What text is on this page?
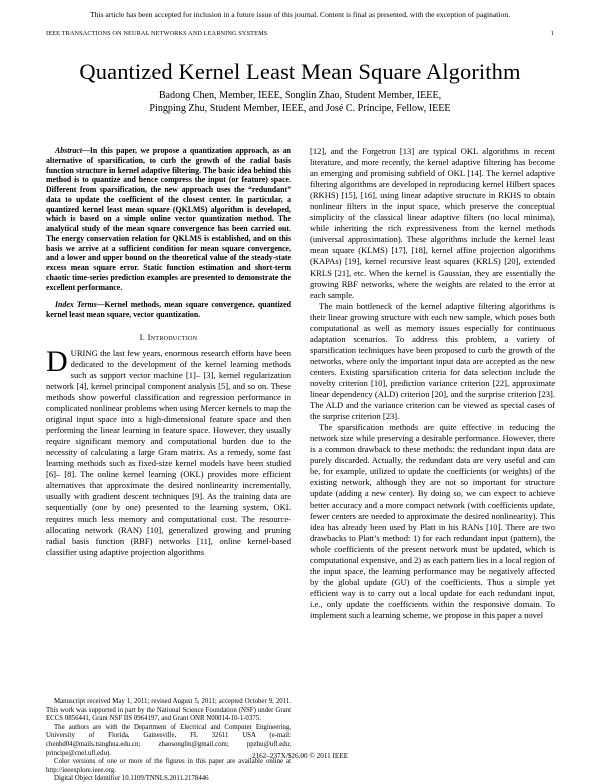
This article has been accepted for inclusion in a future issue of this journal. Content is final as presented, with the exception of pagination.
IEEE TRANSACTIONS ON NEURAL NETWORKS AND LEARNING SYSTEMS	1
Quantized Kernel Least Mean Square Algorithm
Badong Chen, Member, IEEE, Songlin Zhao, Student Member, IEEE,
Pingping Zhu, Student Member, IEEE, and José C. Príncipe, Fellow, IEEE

Abstract—In this paper, we propose a quantization approach, as an alternative of sparsification, to curb the growth of the radial basis function structure in kernel adaptive filtering. The basic idea behind this method is to quantize and hence compress the input (or feature) space. Different from sparsification, the new approach uses the “redundant” data to update the coefficient of the closest center. In particular, a quantized kernel least mean square (QKLMS) algorithm is developed, which is based on a simple online vector quantization method. The analytical study of the mean square convergence has been carried out. The energy conservation relation for QKLMS is established, and on this basis we arrive at a sufficient condition for mean square convergence, and a lower and upper bound on the theoretical value of the steady-state excess mean square error. Static function estimation and short-term chaotic time-series prediction examples are presented to demonstrate the excellent performance.

Index Terms—Kernel methods, mean square convergence, quantized kernel least mean square, vector quantization.

I. Introduction

DURING the last few years, enormous research efforts have been dedicated to the development of the kernel learning methods such as support vector machine [1]– [3], kernel regularization network [4], kernel principal component analysis [5], and so on. These methods show powerful classification and regression performance in complicated nonlinear problems when using Mercer kernels to map the original input space into a high-dimensional feature space and then performing the linear learning in feature space. However, they usually require significant memory and computational burden due to the necessity of calculating a large Gram matrix. As a remedy, some fast learning methods such as fixed-size kernel models have been studied [6]– [8]. The online kernel learning (OKL) provides more efficient alternatives that approximate the desired nonlinearity incrementally, usually with gradient descent techniques [9]. As the training data are sequentially (one by one) presented to the learning system, OKL requires much less memory and computational cost. The resource-allocating network (RAN) [10], generalized growing and pruning radial basis function (RBF) networks [11], online kernel-based classifier using adaptive projection algorithms

Manuscript received May 1, 2011; revised August 5, 2011; accepted October 9, 2011. This work was supported in part by the National Science Foundation (NSF) under Grant ECCS 0856441, Grant NSF IIS 0964197, and Grant ONR N00014-10-1-0375.

The authors are with the Department of Electrical and Computer Engineering, University of Florida, Gainesville, FL 32611 USA (e-mail: chenbd04@mails.tsinghua.edu.cn; zhaosonglin@gmail.com; ppzhu@ufl.edu; principe@cnel.ufl.edu).

Color versions of one or more of the figures in this paper are available online at http://ieeexplore.ieee.org.

Digital Object Identifier 10.1109/TNNLS.2011.2178446

[12], and the Forgetron [13] are typical OKL algorithms in recent literature, and more recently, the kernel adaptive filtering has become an emerging and promising subfield of OKL [14]. The kernel adaptive filtering algorithms are developed in reproducing kernel Hilbert spaces (RKHS) [15], [16], using linear adaptive structure in RKHS to obtain nonlinear filters in the input space, which preserve the conceptual simplicity of the classical linear adaptive filters (no local minima), while inheriting the rich expressiveness from the kernel methods (universal approximation). These algorithms include the kernel least mean square (KLMS) [17], [18], kernel affine projection algorithms (KAPAs) [19], kernel recursive least squares (KRLS) [20], extended KRLS [21], etc. When the kernel is Gaussian, they are essentially the growing RBF networks, where the weights are related to the error at each sample.

The main bottleneck of the kernel adaptive filtering algorithms is their linear growing structure with each new sample, which poses both computational as well as memory issues especially for continuous adaptation scenarios. To address this problem, a variety of sparsification techniques have been proposed to curb the growth of the networks, where only the important input data are accepted as the new centers. Existing sparsification criteria for data selection include the novelty criterion [10], prediction variance criterion [22], approximate linear dependency (ALD) criterion [20], and the surprise criterion [23]. The ALD and the variance criterion can be viewed as special cases of the surprise criterion [23].

The sparsification methods are quite effective in reducing the network size while preserving a desirable performance. However, there is a common drawback to these methods: the redundant input data are purely discarded. Actually, the redundant data are very useful and can be, for example, utilized to update the coefficients (or weights) of the existing network, although they are not so important for structure update (adding a new center). By doing so, we can expect to achieve better accuracy and a more compact network (with coefficients update, fewer centers are needed to approximate the desired nonlinearity). This idea has already been used by Platt in his RANs [10]. There are two drawbacks to Platt’s method: 1) for each redundant input (pattern), the whole coefficients of the present network must be updated, which is computational expensive, and 2) as each pattern lies in a local region of the input space, the learning performance may be negatively affected by the global update (GU) of the coefficients. Thus a simple yet efficient way is to carry out a local update for each redundant input, i.e., only update the coefficients within the responsive domain. To implement such a learning scheme, we propose in this paper a novel

2162–237X/$26.00 © 2011 IEEE
